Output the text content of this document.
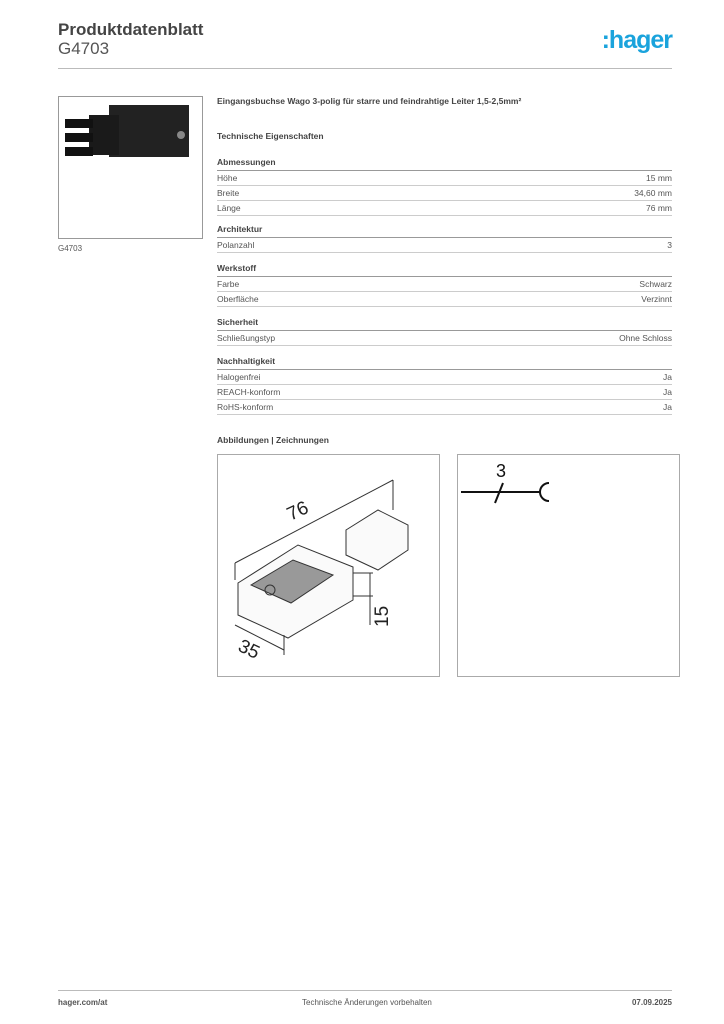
Produktdatenblatt
G4703	:hager
G4703
Eingangsbuchse Wago 3-polig für starre und feindrahtige Leiter 1,5-2,5mm²
Technische Eigenschaften
Abmessungen
Höhe	15 mm
Breite	34,60 mm
Länge	76 mm
Architektur
Polanzahl	3
Werkstoff
Farbe	Schwarz
Oberfläche	Verzinnt
Sicherheit
Schließungstyp	Ohne Schloss
Nachhaltigkeit
Halogenfrei	Ja
REACH-konform	Ja
RoHS-konform	Ja
Abbildungen | Zeichnungen
76
35
15
3
hager.com/at	Technische Änderungen vorbehalten	07.09.2025
